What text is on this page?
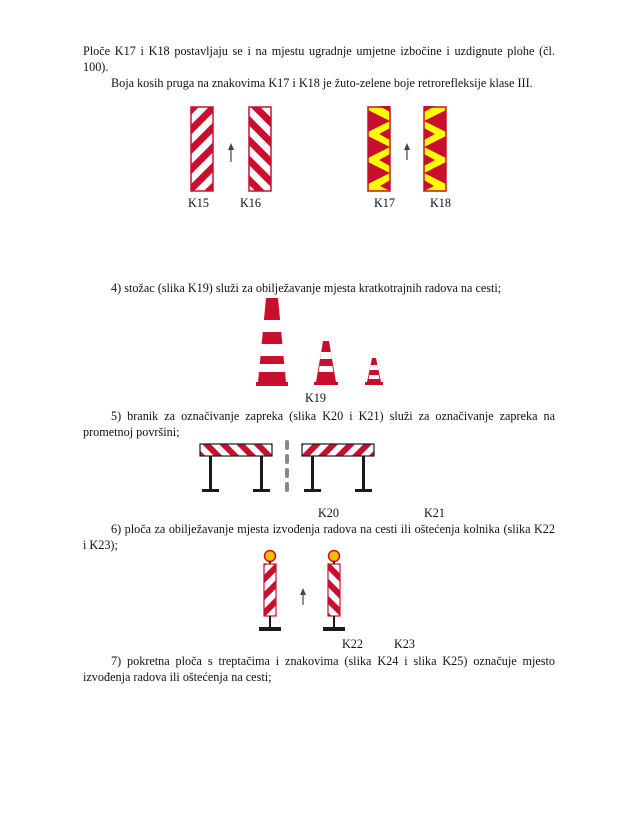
Ploče K17 i K18 postavljaju se i na mjestu ugradnje umjetne izbočine i uzdignute plohe (čl. 100).

Boja kosih pruga na znakovima K17 i K18 je žuto-zelene boje retrorefleksije klase III.

K15	K16	K17	K18

4) stožac (slika K19) služi za obilježavanje mjesta kratkotrajnih radova na cesti;

K19

5) branik za označivanje zapreka (slika K20 i K21) služi za označivanje zapreka na prometnoj površini;

K20	K21

6) ploča za obilježavanje mjesta izvođenja radova na cesti ili oštećenja kolnika (slika K22 i K23);

K22	K23

7) pokretna ploča s treptačima i znakovima (slika K24 i slika K25) označuje mjesto izvođenja radova ili oštećenja na cesti;
